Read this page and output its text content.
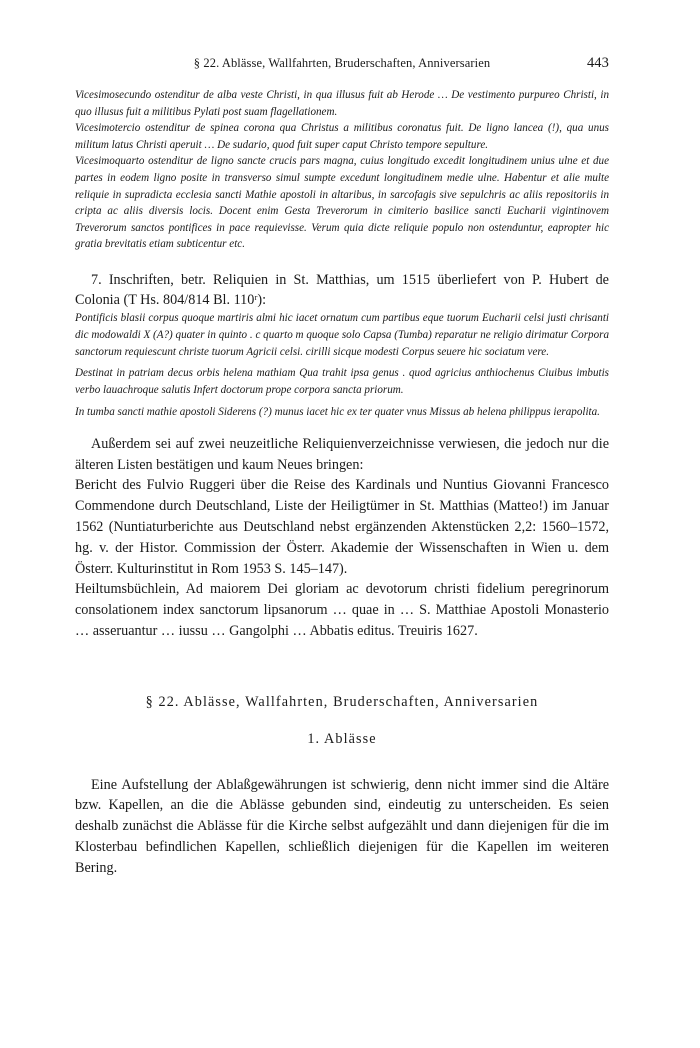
§ 22. Ablässe, Wallfahrten, Bruderschaften, Anniversarien	443

Vicesimosecundo ostenditur de alba veste Christi, in qua illusus fuit ab Herode … De vestimento purpureo Christi, in quo illusus fuit a militibus Pylati post suam flagellationem.

Vicesimotercio ostenditur de spinea corona qua Christus a militibus coronatus fuit. De ligno lancea (!), qua unus militum latus Christi aperuit … De sudario, quod fuit super caput Christo tempore sepulture.

Vicesimoquarto ostenditur de ligno sancte crucis pars magna, cuius longitudo excedit longitudinem unius ulne et due partes in eodem ligno posite in transverso simul sumpte excedunt longitudinem medie ulne. Habentur et alie multe reliquie in supradicta ecclesia sancti Mathie apostoli in altaribus, in sarcofagis sive sepulchris ac aliis repositoriis in cripta ac aliis diversis locis. Docent enim Gesta Treverorum in cimiterio basilice sancti Eucharii vigintinovem Treverorum sanctos pontifices in pace requievisse. Verum quia dicte reliquie populo non ostenduntur, eapropter hic gratia brevitatis etiam subticentur etc.

7. Inschriften, betr. Reliquien in St. Matthias, um 1515 überliefert von P. Hubert de Colonia (T Hs. 804/814 Bl. 110ʳ):

Pontificis blasii corpus quoque martiris almi hic iacet ornatum cum partibus eque tuorum Eucharii celsi justi chrisanti dic modowaldi X (A?) quater in quinto . c quarto m quoque solo Capsa (Tumba) reparatur ne religio dirimatur Corpora sanctorum requiescunt christe tuorum Agricii celsi. cirilli sicque modesti Corpus seuere hic sociatum vere.

Destinat in patriam decus orbis helena mathiam Qua trahit ipsa genus . quod agricius anthiochenus Ciuibus imbutis verbo lauachroque salutis Infert doctorum prope corpora sancta priorum.

In tumba sancti mathie apostoli Siderens (?) munus iacet hic ex ter quater vnus Missus ab helena philippus ierapolita.

Außerdem sei auf zwei neuzeitliche Reliquienverzeichnisse verwiesen, die jedoch nur die älteren Listen bestätigen und kaum Neues bringen:

Bericht des Fulvio Ruggeri über die Reise des Kardinals und Nuntius Giovanni Francesco Commendone durch Deutschland, Liste der Heiligtümer in St. Matthias (Matteo!) im Januar 1562 (Nuntiaturberichte aus Deutschland nebst ergänzenden Aktenstücken 2,2: 1560–1572, hg. v. der Histor. Commission der Österr. Akademie der Wissenschaften in Wien u. dem Österr. Kulturinstitut in Rom 1953 S. 145–147).

Heiltumsbüchlein, Ad maiorem Dei gloriam ac devotorum christi fidelium peregrinorum consolationem index sanctorum lipsanorum … quae in … S. Matthiae Apostoli Monasterio … asseruantur … iussu … Gangolphi … Abbatis editus. Treuiris 1627.

§ 22. Ablässe, Wallfahrten, Bruderschaften, Anniversarien
1. Ablässe
Eine Aufstellung der Ablaßgewährungen ist schwierig, denn nicht immer sind die Altäre bzw. Kapellen, an die die Ablässe gebunden sind, eindeutig zu unterscheiden. Es seien deshalb zunächst die Ablässe für die Kirche selbst aufgezählt und dann diejenigen für die im Klosterbau befindlichen Kapellen, schließlich diejenigen für die Kapellen im weiteren Bering.
